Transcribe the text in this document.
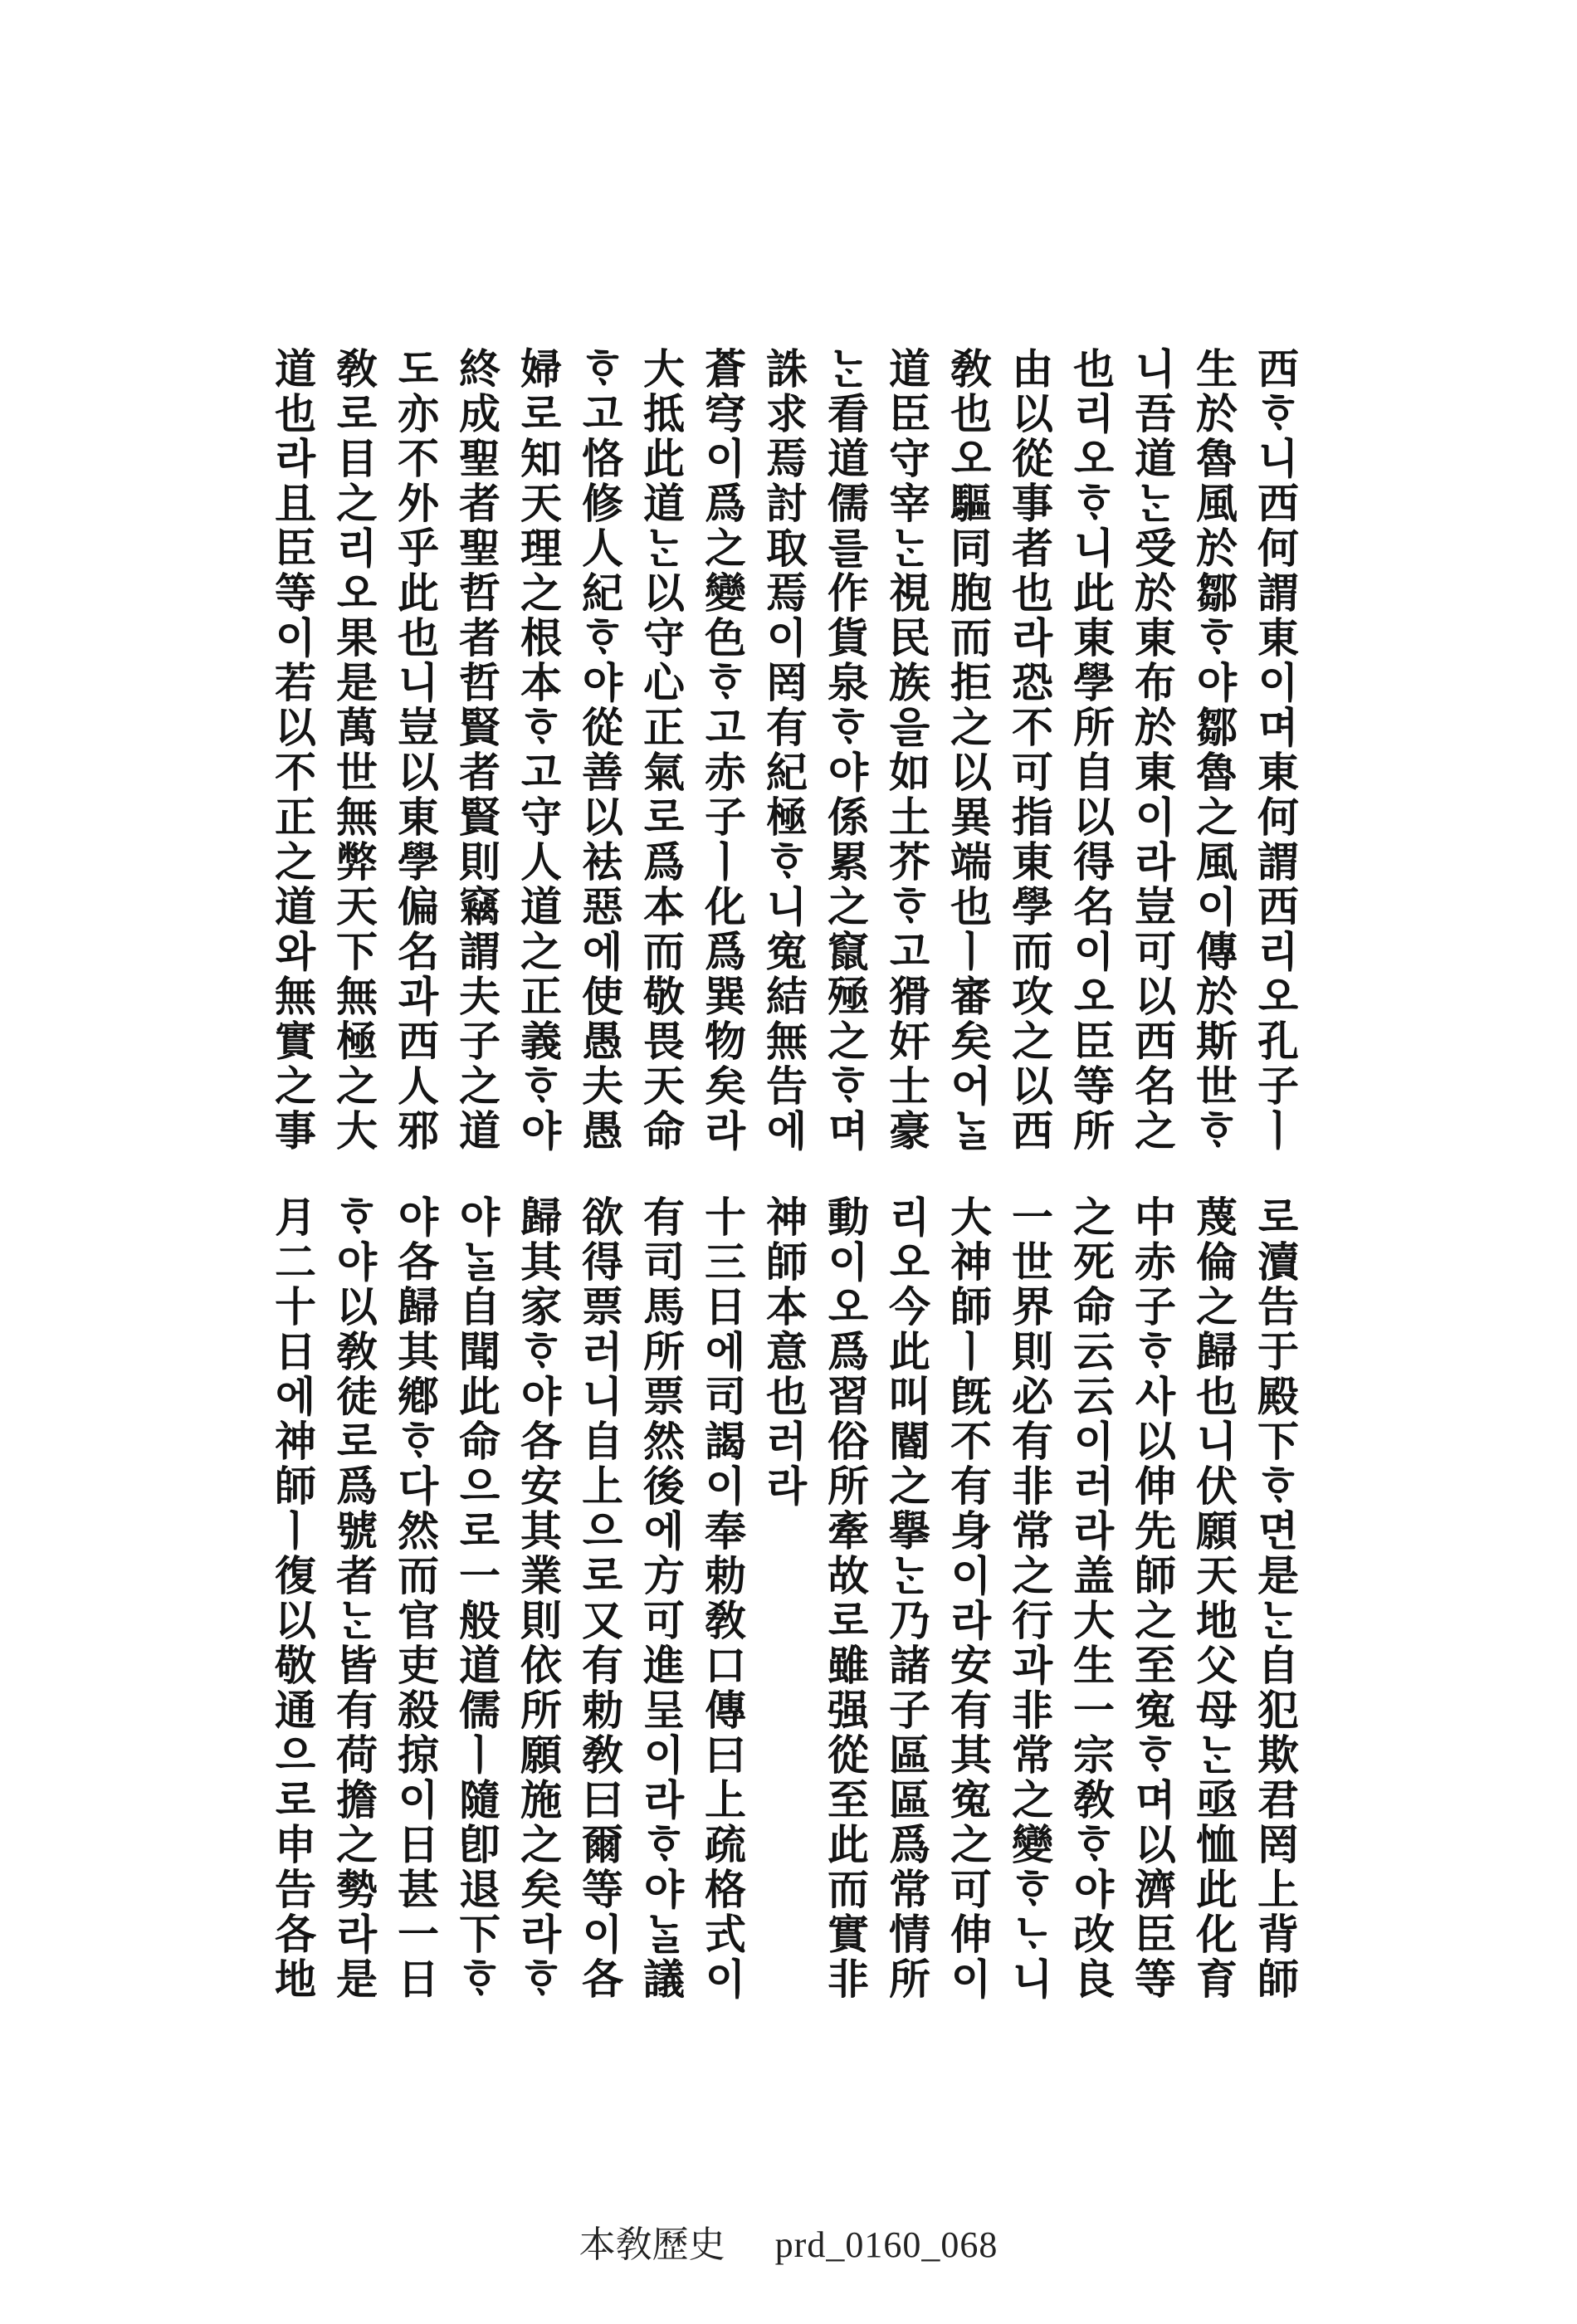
西ᄒᆞ니西何謂東이며東何謂西리오孔子ㅣ
生於魯風於鄒ᄒᆞ야鄒魯之風이傳於斯世ᄒᆞ
니吾道ᄂᆞᆫ受於東布於東이라豈可以西名之
也리오ᄒᆞ니此東學所自以得名이오臣等所
由以從事者也라恐不可指東學而攻之以西
敎也오驅同胞而拒之以異端也ㅣ審矣어ᄂᆞᆯ
道臣守宰ᄂᆞᆫ視民族을如土芥ᄒᆞ고猾奸士豪
ᄂᆞᆫ看道儒를作貨泉ᄒᆞ야係累之竄殛之ᄒᆞ며
誅求焉討取焉이罔有紀極ᄒᆞ니寃結無告에
蒼穹이爲之變色ᄒᆞ고赤子ㅣ化爲巽物矣라
大抵此道ᄂᆞᆫ以守心正氣로爲本而敬畏天命
ᄒᆞ고恪修人紀ᄒᆞ야從善以袪惡에使愚夫愚
婦로知天理之根本ᄒᆞ고守人道之正義ᄒᆞ야
終成聖者聖哲者哲賢者賢則竊謂夫子之道
도亦不外乎此也니豈以東學偏名과西人邪
敎로目之리오果是萬世無弊天下無極之大
道也라且臣等이若以不正之道와無實之事
로瀆告于殿下ᄒᆞ면是ᄂᆞᆫ自犯欺君罔上背師
蔑倫之歸也니伏願天地父母ᄂᆞᆫ亟恤此化育
中赤子ᄒᆞ사以伸先師之至寃ᄒᆞ며以濟臣等
之死命云云이러라盖大生一宗敎ᄒᆞ야改良
一世界則必有非常之行과非常之變ᄒᆞᄂᆞ니
大神師ㅣ旣不有身이라安有其寃之可伸이
리오今此叫閽之擧ᄂᆞᆫ乃諸子區區爲常情所
動이오爲習俗所牽故로雖强從至此而實非
神師本意也러라
十三日에司謁이奉勅敎口傳曰上疏格式이
有司馬所票然後에方可進呈이라ᄒᆞ야ᄂᆞᆯ議
欲得票러니自上으로又有勅敎曰爾等이各
歸其家ᄒᆞ야各安其業則依所願施之矣라ᄒᆞ
야ᄂᆞᆯ自聞此命으로一般道儒ㅣ隨卽退下ᄒᆞ
야各歸其鄕ᄒᆞ다然而官吏殺掠이日甚一日
ᄒᆞ야以敎徒로爲號者ᄂᆞᆫ皆有荷擔之勢라是
月二十日에神師ㅣ復以敬通으로申告各地
本敎歷史 prd_0160_068
